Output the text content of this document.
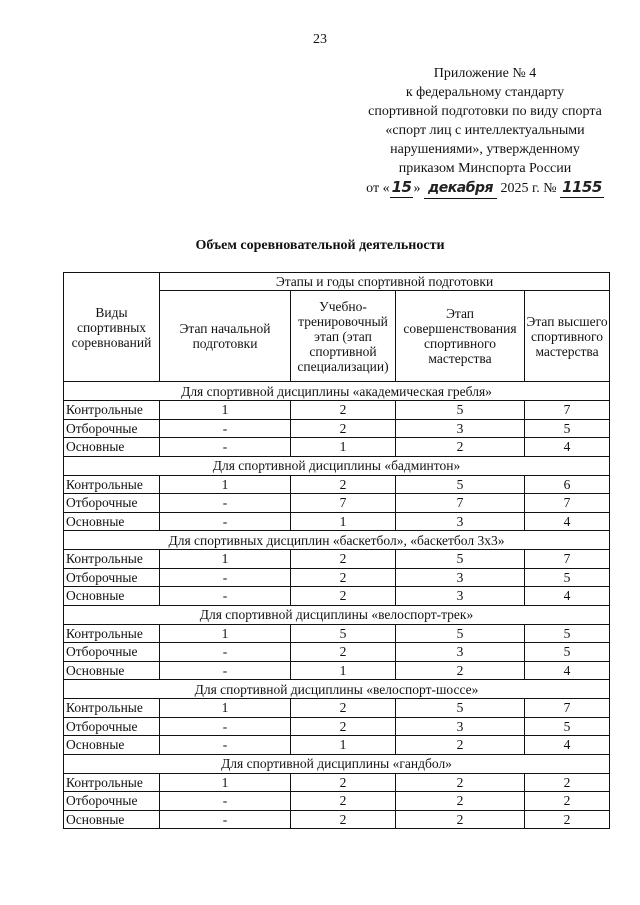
23
Приложение № 4
к федеральному стандарту
спортивной подготовки по виду спорта
«спорт лиц с интеллектуальными
нарушениями», утвержденному
приказом Минспорта России
от « 15 » декабря 2025 г. № 1155
Объем соревновательной деятельности
Виды спортивных соревнований	Этапы и годы спортивной подготовки			
	Этап начальной подготовки	Учебно-тренировочный этап (этап спортивной специализации)	Этап совершенствования спортивного мастерства	Этап высшего спортивного мастерства
Для спортивной дисциплины «академическая гребля»				
Контрольные	1	2	5	7
Отборочные	-	2	3	5
Основные	-	1	2	4
Для спортивной дисциплины «бадминтон»				
Контрольные	1	2	5	6
Отборочные	-	7	7	7
Основные	-	1	3	4
Для спортивных дисциплин «баскетбол», «баскетбол 3х3»				
Контрольные	1	2	5	7
Отборочные	-	2	3	5
Основные	-	2	3	4
Для спортивной дисциплины «велоспорт-трек»				
Контрольные	1	5	5	5
Отборочные	-	2	3	5
Основные	-	1	2	4
Для спортивной дисциплины «велоспорт-шоссе»				
Контрольные	1	2	5	7
Отборочные	-	2	3	5
Основные	-	1	2	4
Для спортивной дисциплины «гандбол»				
Контрольные	1	2	2	2
Отборочные	-	2	2	2
Основные	-	2	2	2
